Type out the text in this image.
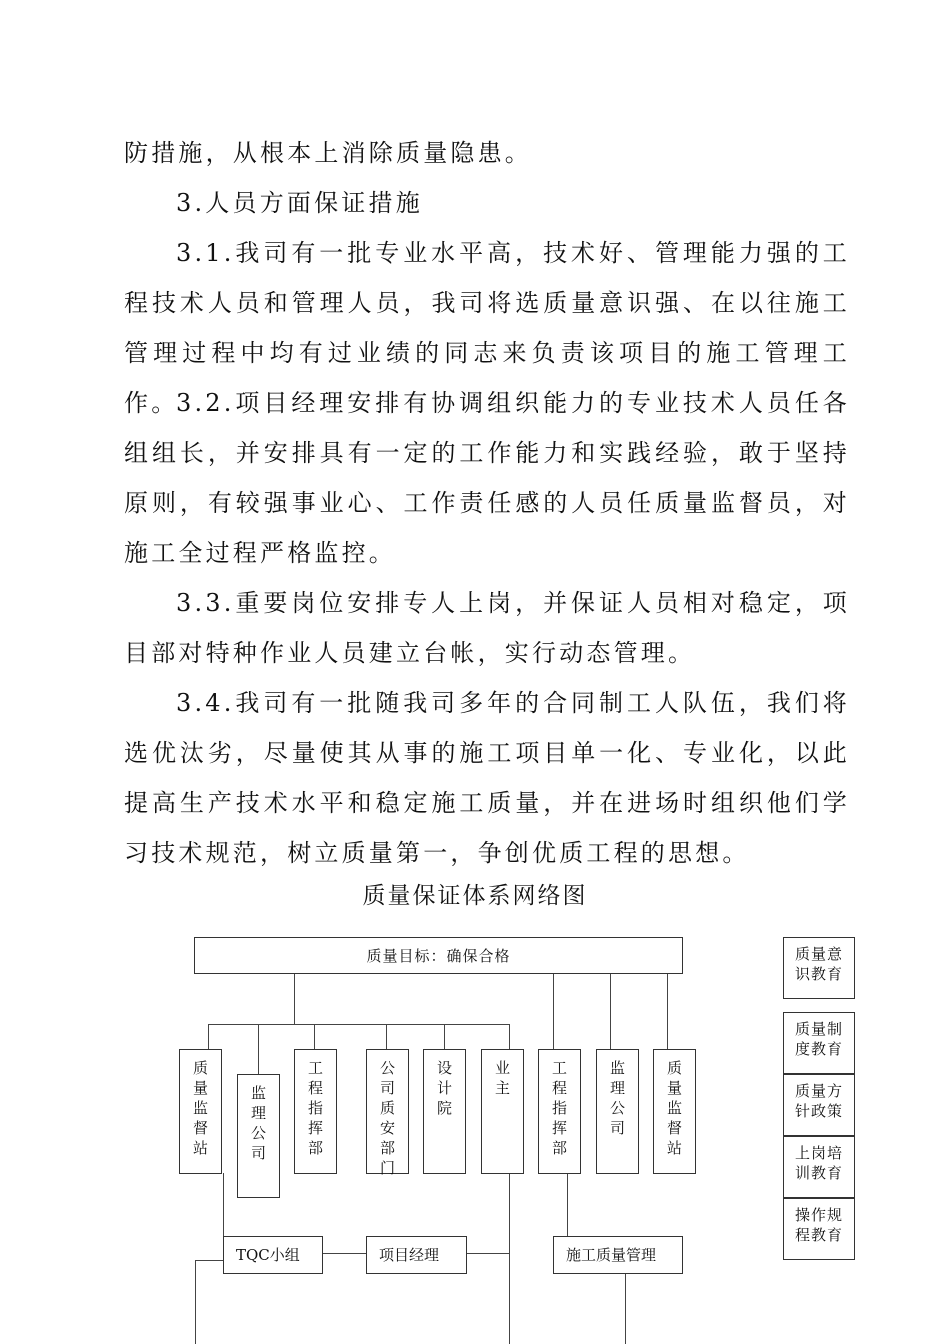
防措施，从根本上消除质量隐患。

3.人员方面保证措施

3.1.我司有一批专业水平高，技术好、管理能力强的工程技术人员和管理人员，我司将选质量意识强、在以往施工管理过程中均有过业绩的同志来负责该项目的施工管理工作。

3.2.项目经理安排有协调组织能力的专业技术人员任各组组长，并安排具有一定的工作能力和实践经验，敢于坚持原则，有较强事业心、工作责任感的人员任质量监督员，对施工全过程严格监控。

3.3.重要岗位安排专人上岗，并保证人员相对稳定，项目部对特种作业人员建立台帐，实行动态管理。

3.4.我司有一批随我司多年的合同制工人队伍，我们将选优汰劣，尽量使其从事的施工项目单一化、专业化，以此提高生产技术水平和稳定施工质量，并在进场时组织他们学习技术规范，树立质量第一，争创优质工程的思想。

质量保证体系网络图
质量目标：确保合格
质量监督站
监理公司
工程指挥部
公司质安部门
设计院
业主
工程指挥部
监理公司
质量监督站
TQC小组	项目经理	施工质量管理
质量意识教育
质量制度教育
质量方针政策
上岗培训教育
操作规程教育
